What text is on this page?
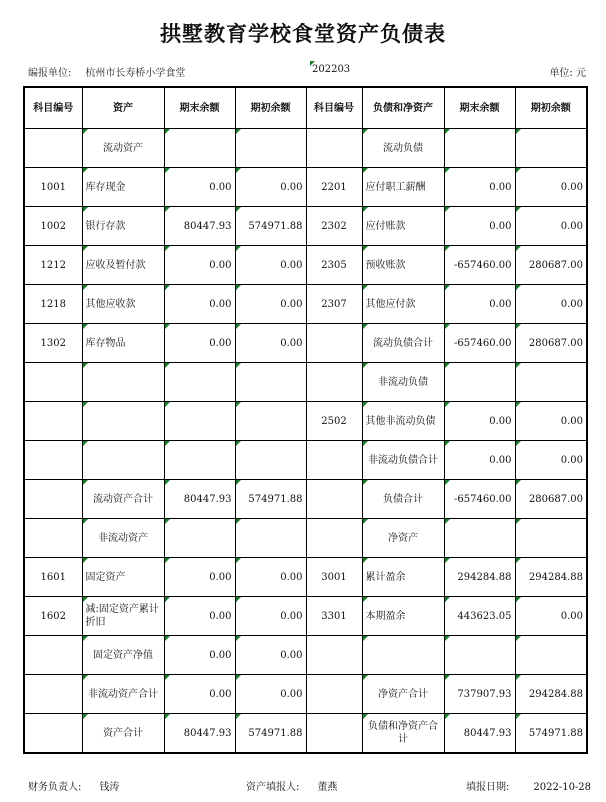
拱墅教育学校食堂资产负债表
编报单位: 杭州市长寿桥小学食堂	202203	单位: 元
科目编号	资产	期末余额	期初余额	科目编号	负债和净资产	期末余额	期初余额
	流动资产				流动负债		
1001	库存现金	0.00	0.00	2201	应付职工薪酬	0.00	0.00
1002	银行存款	80447.93	574971.88	2302	应付账款	0.00	0.00
1212	应收及暂付款	0.00	0.00	2305	预收账款	-657460.00	280687.00
1218	其他应收款	0.00	0.00	2307	其他应付款	0.00	0.00
1302	库存物品	0.00	0.00		流动负债合计	-657460.00	280687.00
					非流动负债		
				2502	其他非流动负债	0.00	0.00
					非流动负债合计	0.00	0.00
	流动资产合计	80447.93	574971.88		负债合计	-657460.00	280687.00
	非流动资产				净资产		
1601	固定资产	0.00	0.00	3001	累计盈余	294284.88	294284.88
1602	减:固定资产累计折旧	0.00	0.00	3301	本期盈余	443623.05	0.00
	固定资产净值	0.00	0.00				
	非流动资产合计	0.00	0.00		净资产合计	737907.93	294284.88
	资产合计	80447.93	574971.88		负债和净资产合计	80447.93	574971.88
财务负责人: 钱涛	资产填报人: 董燕	填报日期: 2022-10-28
